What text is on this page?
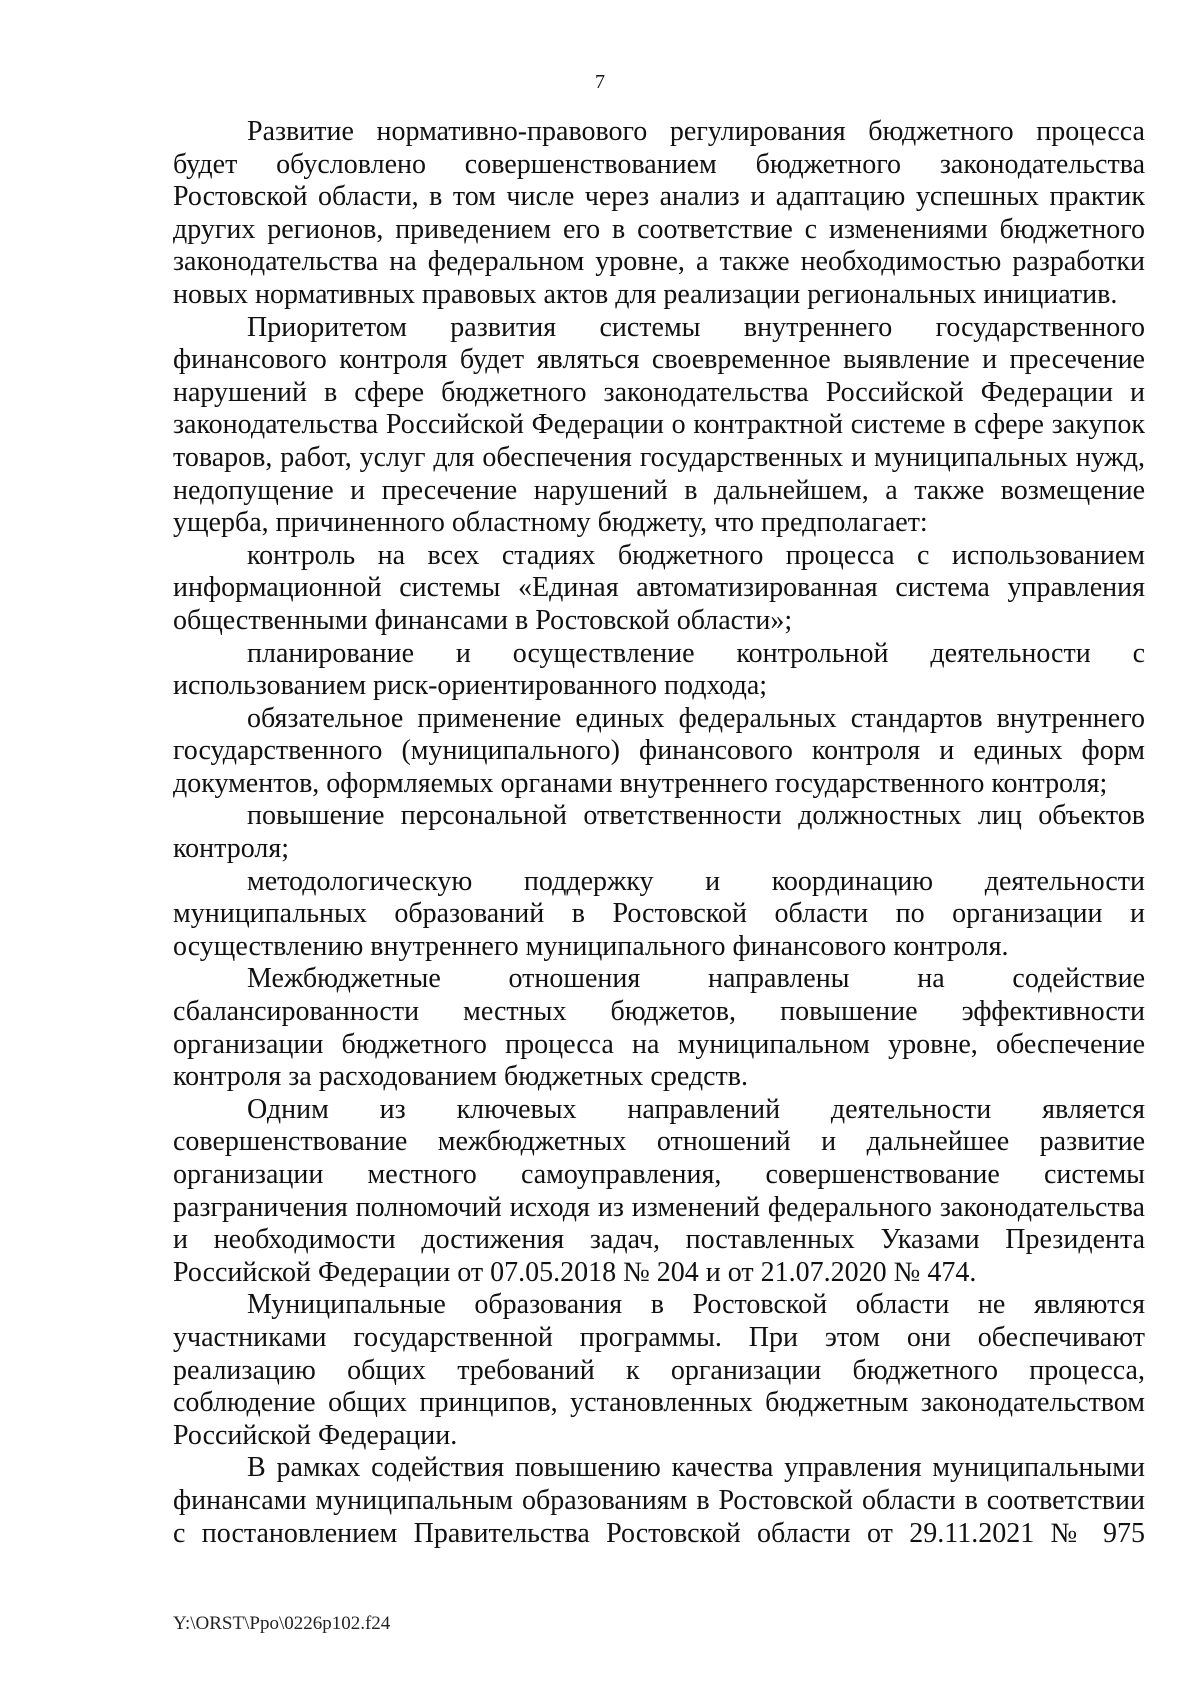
7

Развитие нормативно-правового регулирования бюджетного процесса будет обусловлено совершенствованием бюджетного законодательства Ростовской области, в том числе через анализ и адаптацию успешных практик других регионов, приведением его в соответствие с изменениями бюджетного законодательства на федеральном уровне, а также необходимостью разработки новых нормативных правовых актов для реализации региональных инициатив.

Приоритетом развития системы внутреннего государственного финансового контроля будет являться своевременное выявление и пресечение нарушений в сфере бюджетного законодательства Российской Федерации и законодательства Российской Федерации о контрактной системе в сфере закупок товаров, работ, услуг для обеспечения государственных и муниципальных нужд, недопущение и пресечение нарушений в дальнейшем, а также возмещение ущерба, причиненного областному бюджету, что предполагает:

контроль на всех стадиях бюджетного процесса с использованием информационной системы «Единая автоматизированная система управления общественными финансами в Ростовской области»;

планирование и осуществление контрольной деятельности с использованием риск-ориентированного подхода;

обязательное применение единых федеральных стандартов внутреннего государственного (муниципального) финансового контроля и единых форм документов, оформляемых органами внутреннего государственного контроля;

повышение персональной ответственности должностных лиц объектов контроля;

методологическую поддержку и координацию деятельности муниципальных образований в Ростовской области по организации и осуществлению внутреннего муниципального финансового контроля.

Межбюджетные отношения направлены на содействие сбалансированности местных бюджетов, повышение эффективности организации бюджетного процесса на муниципальном уровне, обеспечение контроля за расходованием бюджетных средств.

Одним из ключевых направлений деятельности является совершенствование межбюджетных отношений и дальнейшее развитие организации местного самоуправления, совершенствование системы разграничения полномочий исходя из изменений федерального законодательства и необходимости достижения задач, поставленных Указами Президента Российской Федерации от 07.05.2018 № 204 и от 21.07.2020 № 474.

Муниципальные образования в Ростовской области не являются участниками государственной программы. При этом они обеспечивают реализацию общих требований к организации бюджетного процесса, соблюдение общих принципов, установленных бюджетным законодательством Российской Федерации.

В рамках содействия повышению качества управления муниципальными финансами муниципальным образованиям в Ростовской области в соответствии с постановлением Правительства Ростовской области от 29.11.2021 № 975

Y:\ORST\Ppo\0226p102.f24
